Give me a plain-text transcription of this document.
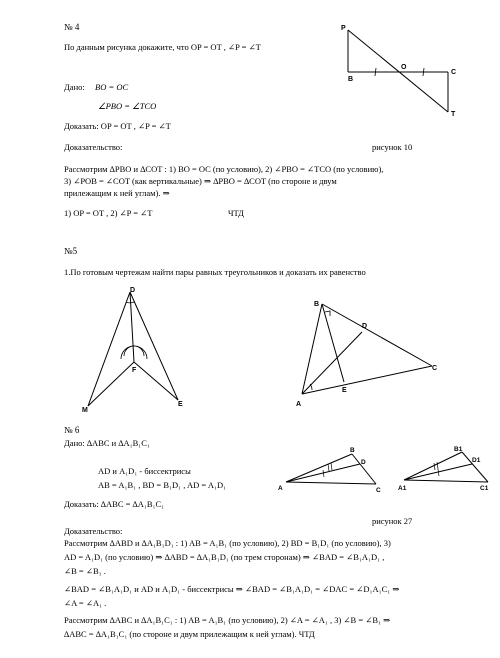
№ 4
По данным рисунка докажите, что OP = OT , ∠P = ∠T
Дано: BO = OC
∠PBO = ∠TCO
Доказать: OP = OT , ∠P = ∠T
Доказательство:	рисунок 10
Рассмотрим ∆PBO и ∆COT : 1) BO = OC (по условию), 2) ∠PBO = ∠TCO (по условию),
3) ∠POB = ∠COT (как вертикальные) ⇒ ∆PBO = ∆COT (по стороне и двум
прилежащим к ней углам). ⇒
1) OP = OT , 2) ∠P = ∠T	ЧТД
P
B
O
C
T
№5
1.По готовым чертежам найти пары равных треугольников и доказать их равенство
D
F
M
E
B
D
C
A
E
№ 6
Дано: ∆ABC и ∆A₁B₁C₁
AD и A₁D₁ - биссектрисы
AB = A₁B₁ , BD = B₁D₁ , AD = A₁D₁
Доказать: ∆ABC = ∆A₁B₁C₁
рисунок 27
A
B
C
D
A1
B1
C1
D1
Доказательство:
Рассмотрим ∆ABD и ∆A₁B₁D₁ : 1) AB = A₁B₁ (по условию), 2) BD = B₁D₁ (по условию), 3)
AD = A₁D₁ (по условию) ⇒ ∆ABD = ∆A₁B₁D₁ (по трем сторонам) ⇒ ∠BAD = ∠B₁A₁D₁ ,
∠B = ∠B₁ .
∠BAD = ∠B₁A₁D₁ и AD и A₁D₁ - биссектрисы ⇒ ∠BAD = ∠B₁A₁D₁ = ∠DAC = ∠D₁A₁C₁ ⇒
∠A = ∠A₁ .
Рассмотрим ∆ABC и ∆A₁B₁C₁ : 1) AB = A₁B₁ (по условию), 2) ∠A = ∠A₁ , 3) ∠B = ∠B₁ ⇒
∆ABC = ∆A₁B₁C₁ (по стороне и двум прилежащим к ней углам). ЧТД
